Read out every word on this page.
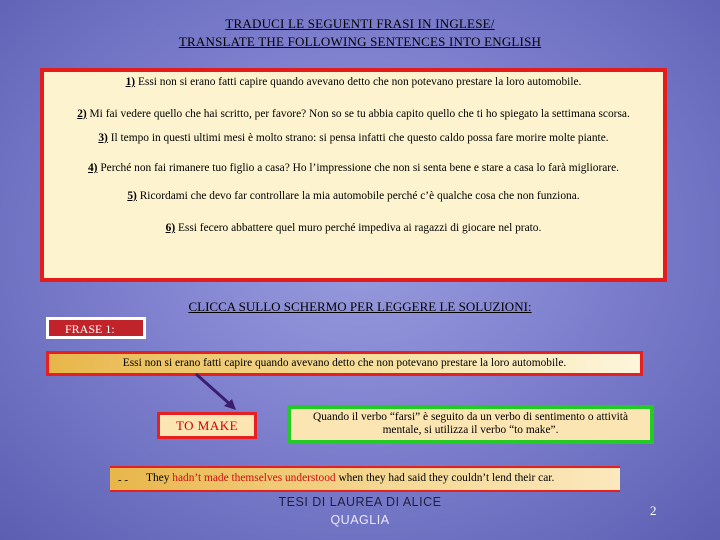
TRADUCI LE SEGUENTI FRASI IN INGLESE/
TRANSLATE THE FOLLOWING SENTENCES INTO ENGLISH
1) Essi non si erano fatti capire quando avevano detto che non potevano prestare la loro automobile.
2) Mi fai vedere quello che hai scritto, per favore? Non so se tu abbia capito quello che ti ho spiegato la settimana scorsa.
3) Il tempo in questi ultimi mesi è molto strano: si pensa infatti che questo caldo possa fare morire molte piante.
4) Perché non fai rimanere tuo figlio a casa? Ho l’impressione che non si senta bene e stare a casa lo farà migliorare.
5) Ricordami che devo far controllare la mia automobile perché c’è qualche cosa che non funziona.
6) Essi fecero abbattere quel muro perché impediva ai ragazzi di giocare nel prato.
CLICCA SULLO SCHERMO PER LEGGERE LE SOLUZIONI:
FRASE 1:
Essi non si erano fatti capire quando avevano detto che non potevano prestare la loro automobile.
TO MAKE
Quando il verbo “farsi” è seguito da un verbo di sentimento o attività
mentale, si utilizza il verbo “to make”.
They hadn’t made themselves understood when they had said they couldn’t lend their car.
- -
TESI DI LAUREA DI ALICE
QUAGLIA
2
